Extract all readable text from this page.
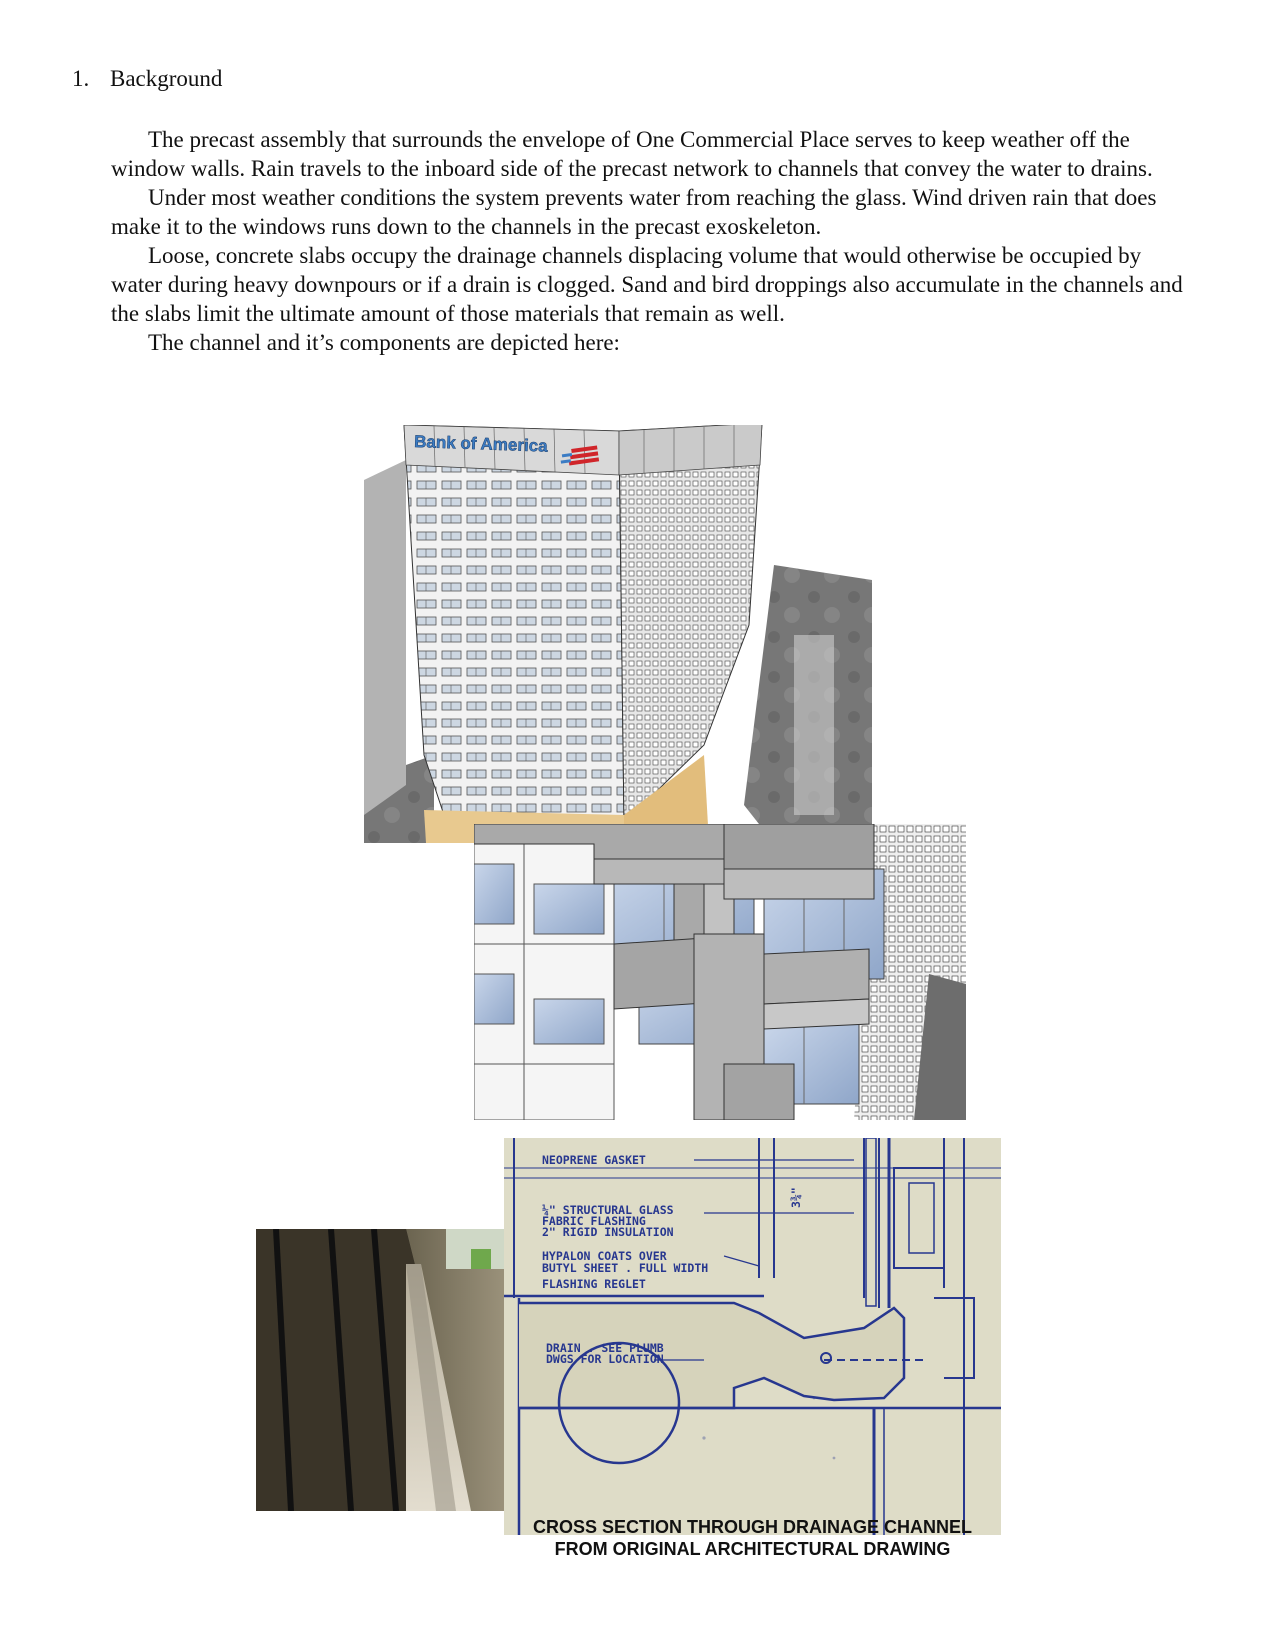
1. Background

The precast assembly that surrounds the envelope of One Commercial Place serves to keep weather off the window walls. Rain travels to the inboard side of the precast network to channels that convey the water to drains.

Under most weather conditions the system prevents water from reaching the glass. Wind driven rain that does make it to the windows runs down to the channels in the precast exoskeleton.

Loose, concrete slabs occupy the drainage channels displacing volume that would otherwise be occupied by water during heavy downpours or if a drain is clogged. Sand and bird droppings also accumulate in the channels and the slabs limit the ultimate amount of those materials that remain as well.

The channel and it’s components are depicted here:

Bank of America
NEOPRENE GASKET
¼" STRUCTURAL GLASS
FABRIC FLASHING
2" RIGID INSULATION
HYPALON COATS OVER
BUTYL SHEET . FULL WIDTH
FLASHING REGLET
DRAIN . SEE PLUMB
DWGS FOR LOCATION
3¾"
CROSS SECTION THROUGH DRAINAGE CHANNEL
FROM ORIGINAL ARCHITECTURAL DRAWING
